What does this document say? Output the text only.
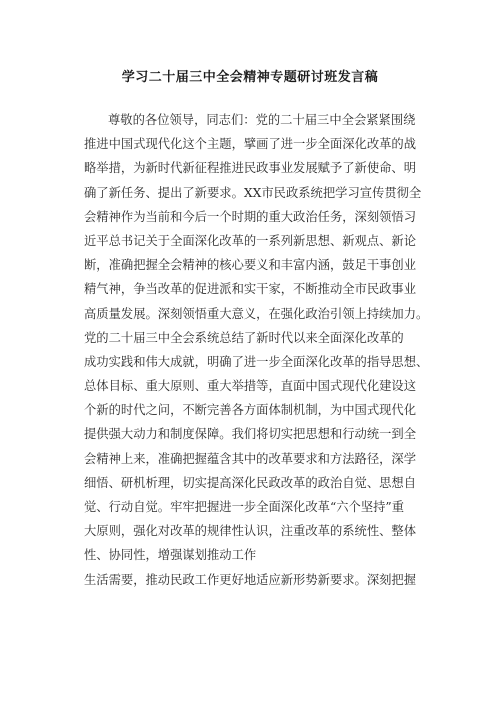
学习二十届三中全会精神专题研讨班发言稿
尊敬的各位领导，同志们：党的二十届三中全会紧紧围绕
推进中国式现代化这个主题，擘画了进一步全面深化改革的战
略举措，为新时代新征程推进民政事业发展赋予了新使命、明
确了新任务、提出了新要求。XX市民政系统把学习宣传贯彻全
会精神作为当前和今后一个时期的重大政治任务，深刻领悟习
近平总书记关于全面深化改革的一系列新思想、新观点、新论
断，准确把握全会精神的核心要义和丰富内涵，鼓足干事创业
精气神，争当改革的促进派和实干家，不断推动全市民政事业
高质量发展。深刻领悟重大意义，在强化政治引领上持续加力。
党的二十届三中全会系统总结了新时代以来全面深化改革的
成功实践和伟大成就，明确了进一步全面深化改革的指导思想、
总体目标、重大原则、重大举措等，直面中国式现代化建设这
个新的时代之问，不断完善各方面体制机制，为中国式现代化
提供强大动力和制度保障。我们将切实把思想和行动统一到全
会精神上来，准确把握蕴含其中的改革要求和方法路径，深学
细悟、研机析理，切实提高深化民政改革的政治自觉、思想自
觉、行动自觉。牢牢把握进一步全面深化改革“六个坚持”重
大原则，强化对改革的规律性认识，注重改革的系统性、整体
性、协同性，增强谋划推动工作
生活需要，推动民政工作更好地适应新形势新要求。深刻把握
